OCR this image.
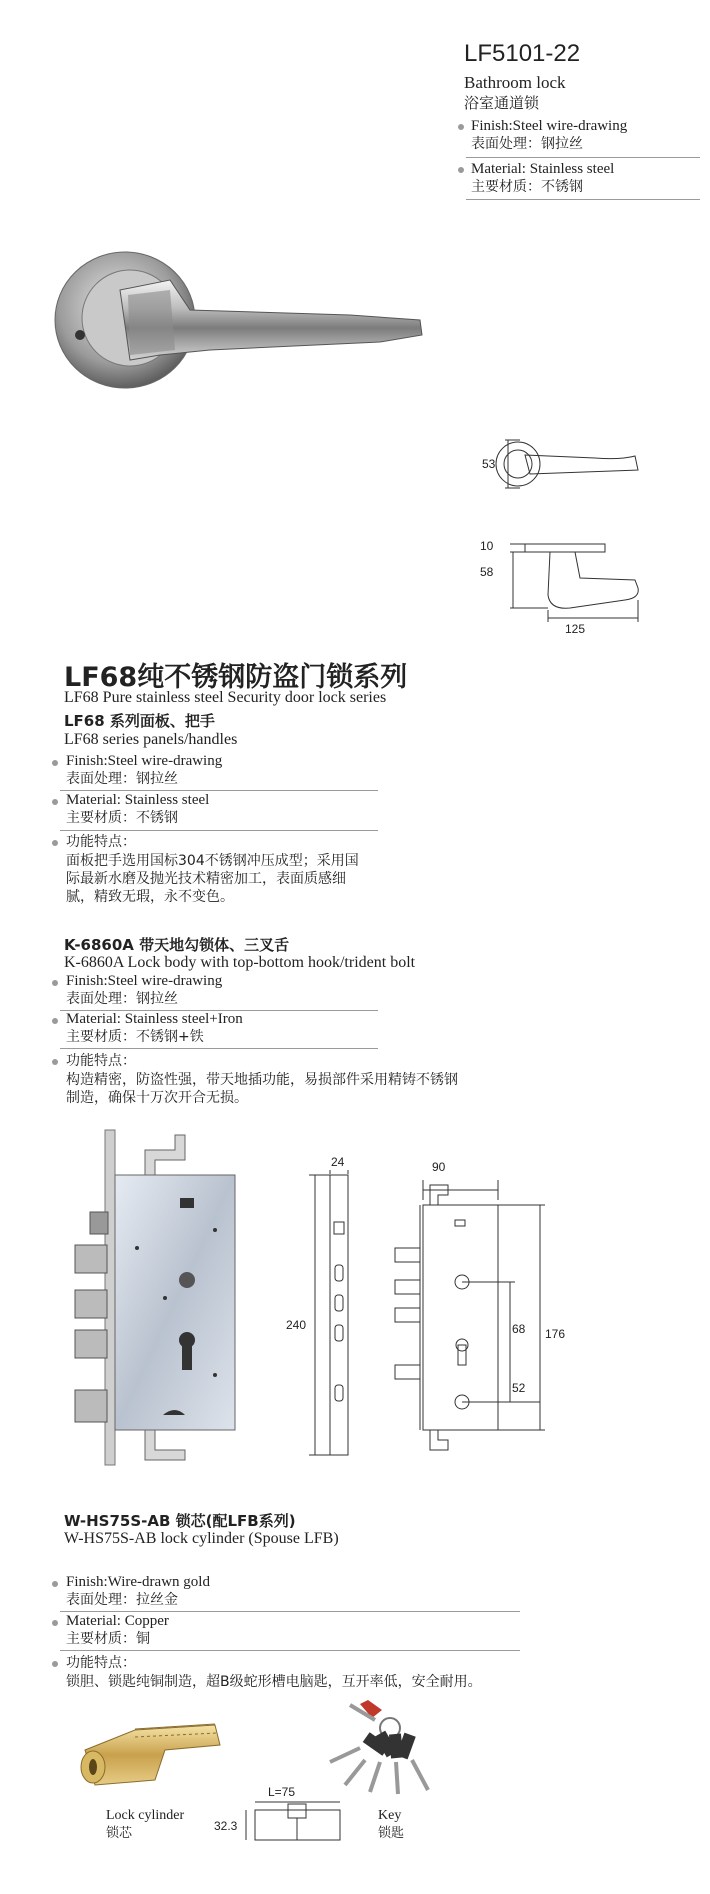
LF5101-22
Bathroom lock
浴室通道锁
Finish:Steel wire-drawing
表面处理：钢拉丝
Material: Stainless steel
主要材质：不锈钢
53
10
58
125
LF68纯不锈钢防盗门锁系列
LF68 Pure stainless steel Security door lock series
LF68 系列面板、把手
LF68 series panels/handles
Finish:Steel wire-drawing
表面处理：钢拉丝
Material: Stainless steel
主要材质：不锈钢
功能特点：
面板把手选用国标304不锈钢冲压成型；采用国
际最新水磨及抛光技术精密加工，表面质感细
腻，精致无瑕，永不变色。
K-6860A 带天地勾锁体、三叉舌
K-6860A Lock body with top-bottom hook/trident bolt
Finish:Steel wire-drawing
表面处理：钢拉丝
Material: Stainless steel+Iron
主要材质：不锈钢+铁
功能特点：
构造精密，防盗性强，带天地插功能，易损部件采用精铸不锈钢
制造，确保十万次开合无损。
24	90
240	68 176
52
W-HS75S-AB 锁芯(配LFB系列)
W-HS75S-AB lock cylinder (Spouse LFB)
Finish:Wire-drawn gold
表面处理：拉丝金
Material: Copper
主要材质：铜
功能特点：
锁胆、锁匙纯铜制造，超B级蛇形槽电脑匙，互开率低，安全耐用。
L=75
32.3
Lock cylinder
锁芯
Key
锁匙
